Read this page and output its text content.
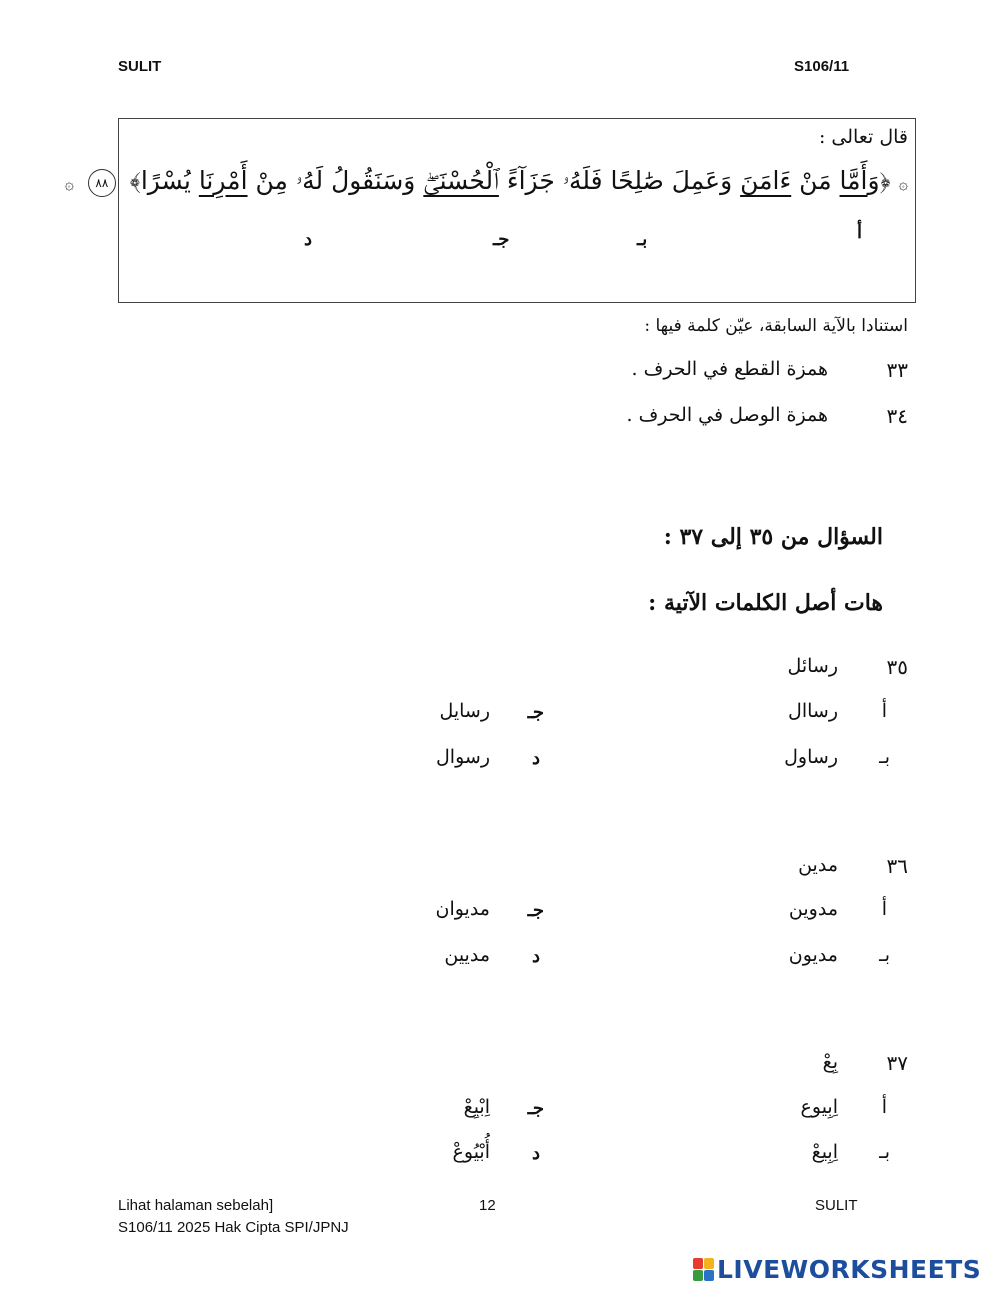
SULIT	S106/11
قال تعالى :
۞ ﴿وَأَمَّا مَنْ ءَامَنَ وَعَمِلَ صَٰلِحًا فَلَهُۥ جَزَآءً ٱلْحُسْنَىٰۖ وَسَنَقُولُ لَهُۥ مِنْ أَمْرِنَا يُسْرًا﴾ ٨٨ ۞
أ
بـ
جـ
د
استنادا بالآية السابقة، عيّن كلمة فيها :
٣٣
همزة القطع في الحرف .
٣٤
همزة الوصل في الحرف .
السؤال من ٣٥ إلى ٣٧ :
هات أصل الكلمات الآتية :
٣٥
رسائل
أ
رساال
جـ
رسايل
بـ
رساول
د
رسوال
٣٦
مدين
أ
مدوين
جـ
مديوان
بـ
مديون
د
مديين
٣٧
بِعْ
أ
اِبِيوع
جـ
اِبْيِعْ
بـ
اِبِيعْ
د
أُبْيُوعْ
Lihat halaman sebelah]
S106/11 2025 Hak Cipta SPI/JPNJ
12	SULIT
LIVEWORKSHEETS
